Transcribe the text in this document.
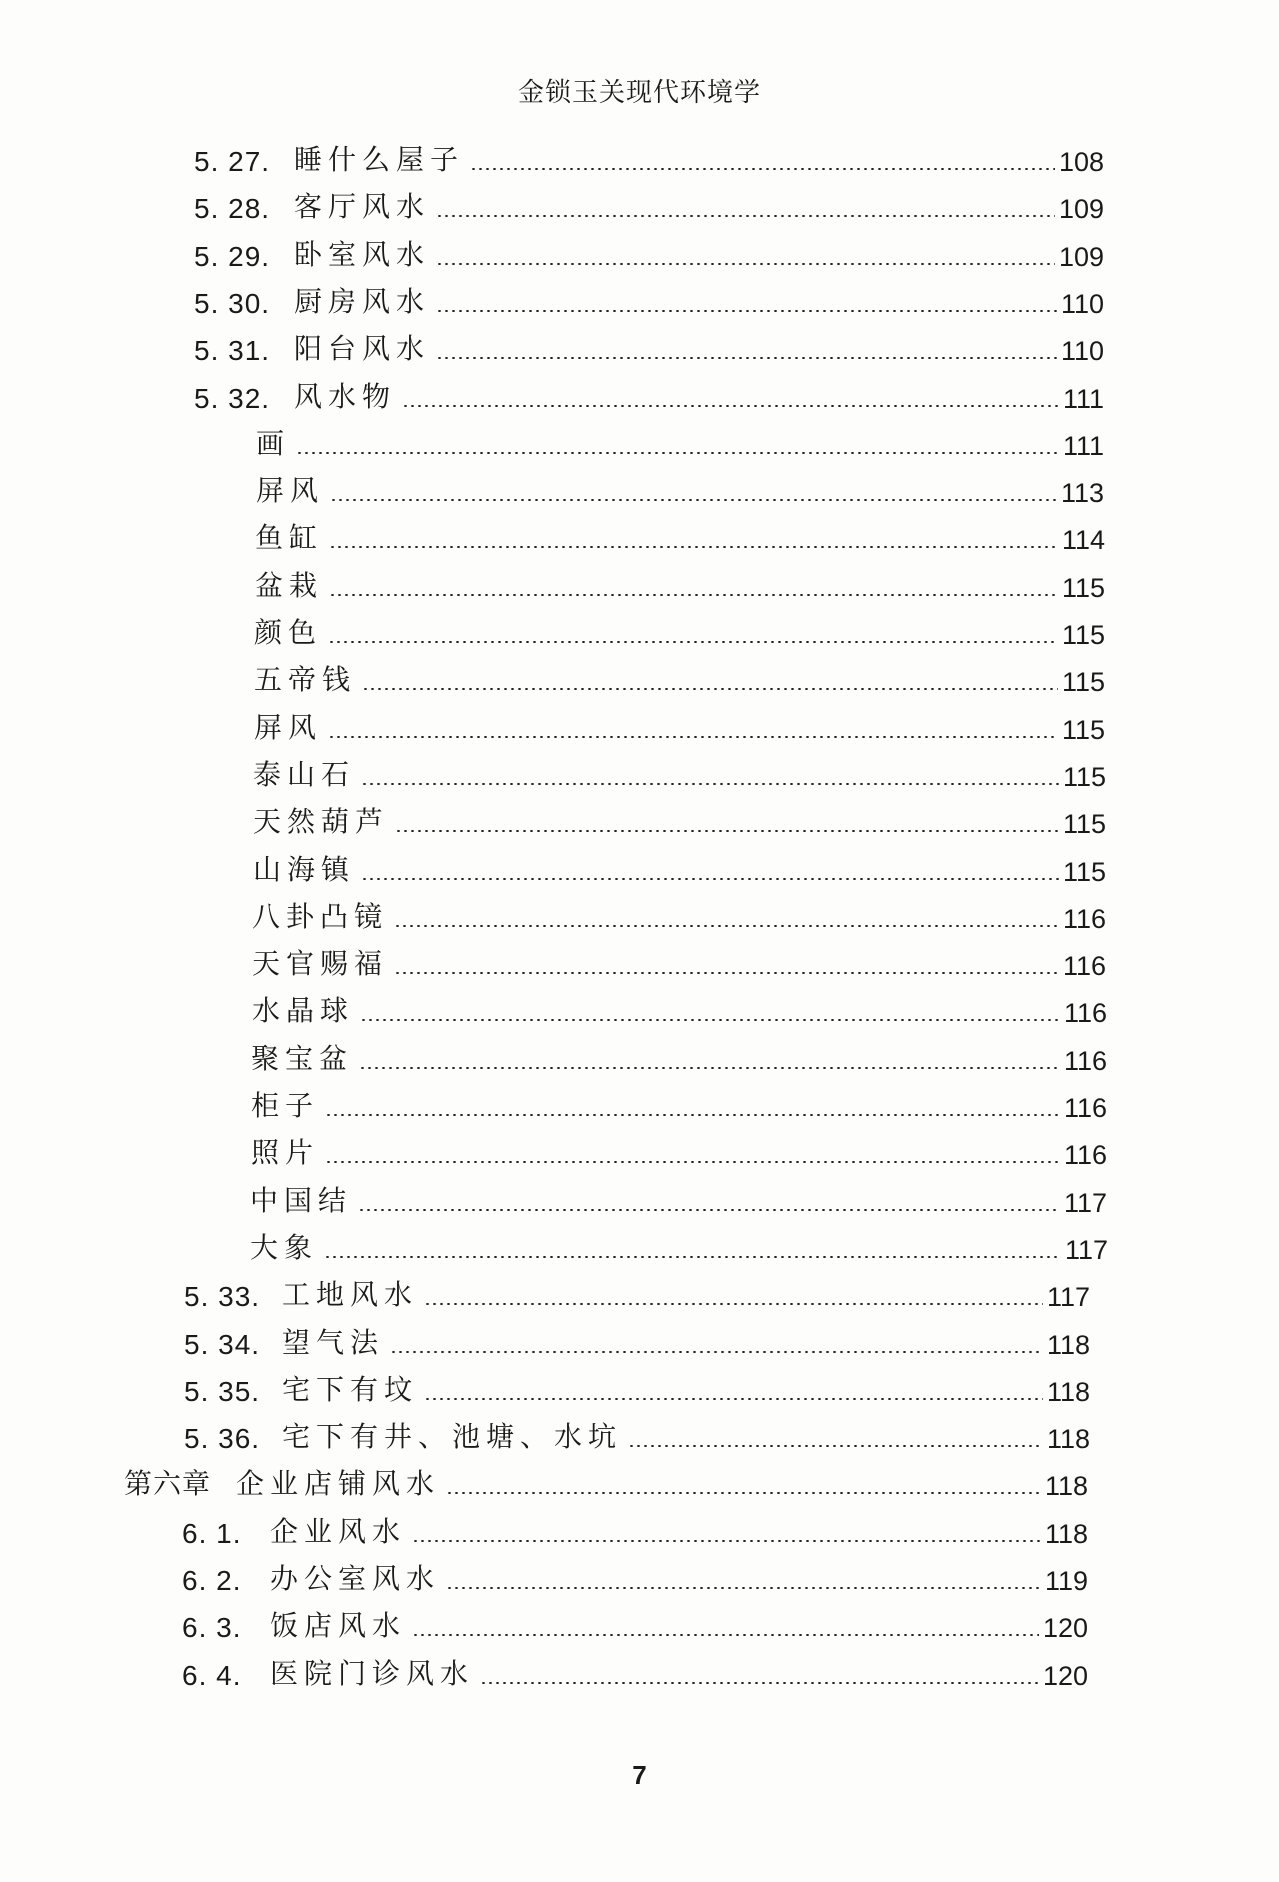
金锁玉关现代环境学
5. 27. 睡什么屋子	108
5. 28. 客厅风水	109
5. 29. 卧室风水	109
5. 30. 厨房风水	110
5. 31. 阳台风水	110
5. 32. 风水物	111
画	111
屏风	113
鱼缸	114
盆栽	115
颜色	115
五帝钱	115
屏风	115
泰山石	115
天然葫芦	115
山海镇	115
八卦凸镜	116
天官赐福	116
水晶球	116
聚宝盆	116
柜子	116
照片	116
中国结	117
大象	117
5. 33. 工地风水	117
5. 34. 望气法	118
5. 35. 宅下有坟	118
5. 36. 宅下有井、池塘、水坑	118
第六章 企业店铺风水	118
6. 1.	企业风水	118
6. 2.	办公室风水	119
6. 3.	饭店风水	120
6. 4.	医院门诊风水	120
7
